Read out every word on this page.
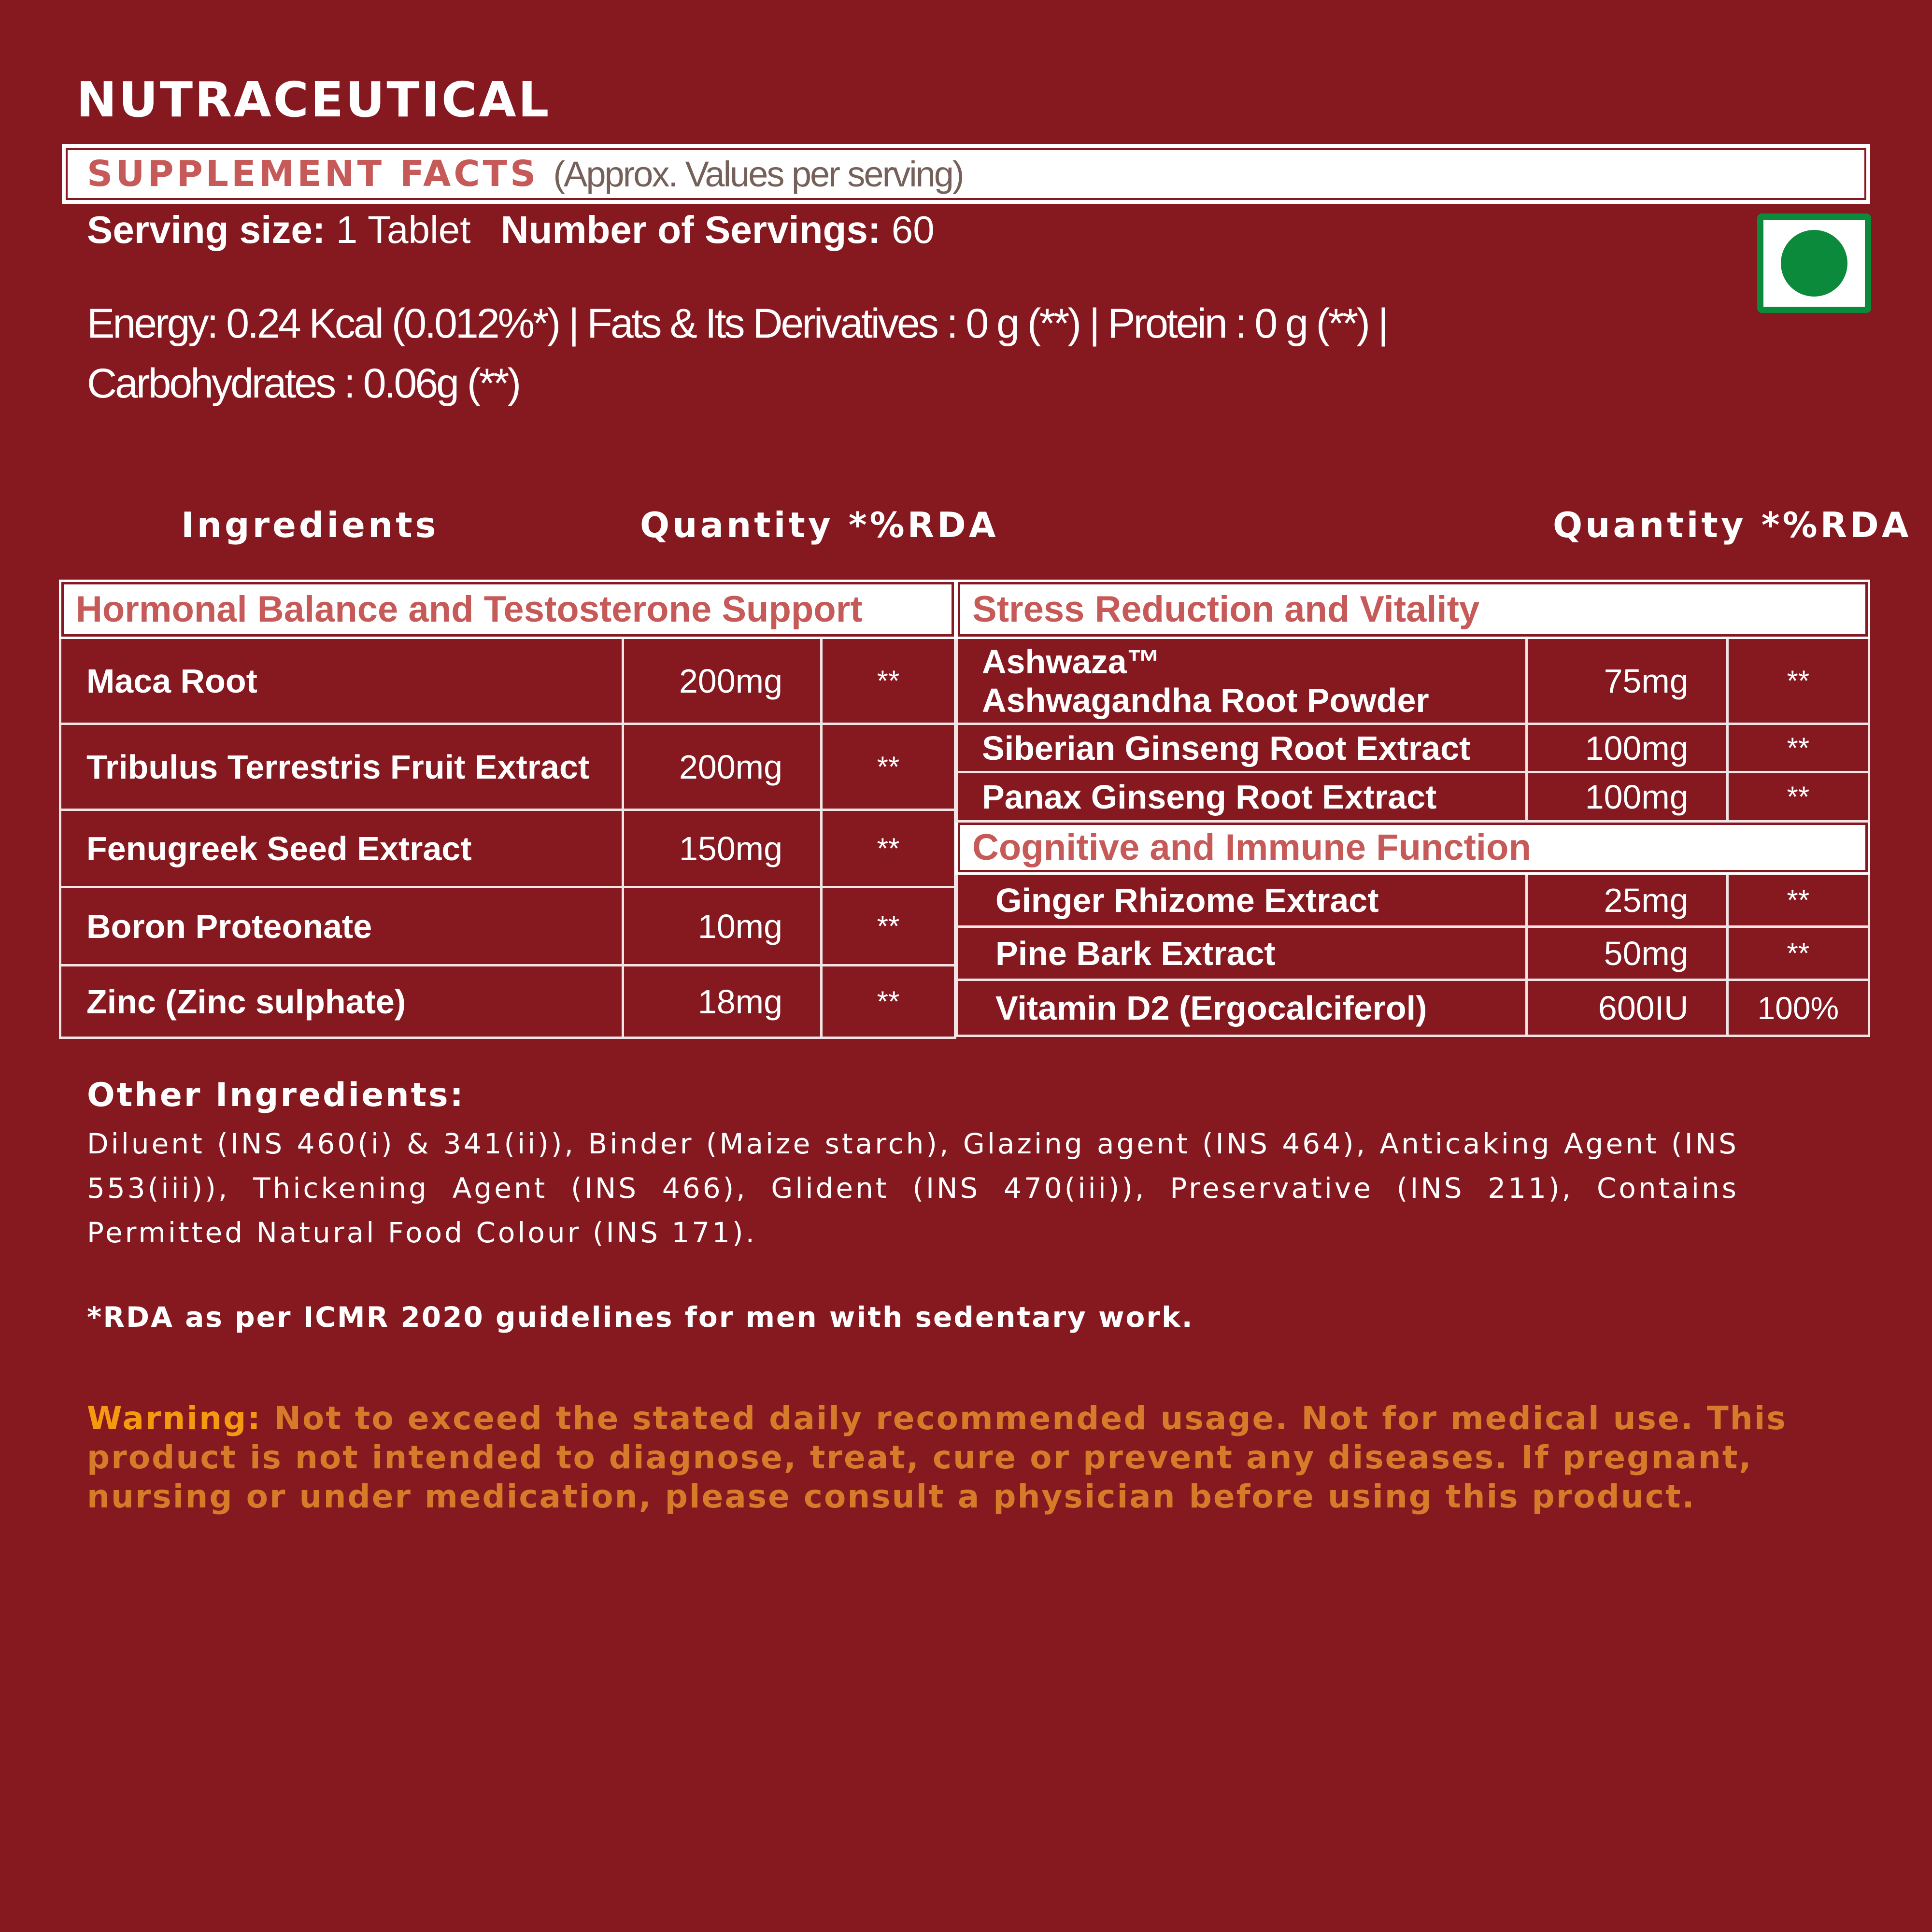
NUTRACEUTICAL
SUPPLEMENT FACTS (Approx. Values per serving)
Serving size: 1 Tablet Number of Servings: 60
Energy: 0.24 Kcal (0.012%*) | Fats & Its Derivatives : 0 g (**) | Protein : 0 g (**) |
Carbohydrates : 0.06g (**)
Ingredients	Quantity *%RDA	Quantity *%RDA
Hormonal Balance and Testosterone Support		
Maca Root	200mg	**
Tribulus Terrestris Fruit Extract	200mg	**
Fenugreek Seed Extract	150mg	**
Boron Proteonate	10mg	**
Zinc (Zinc sulphate)	18mg	**
Stress Reduction and Vitality		

Ashwaza™
Ashwagandha Root Powder	75mg	**
Siberian Ginseng Root Extract	100mg	**
Panax Ginseng Root Extract	100mg	**
Cognitive and Immune Function		
Ginger Rhizome Extract	25mg	**
Pine Bark Extract	50mg	**
Vitamin D2 (Ergocalciferol)	600IU	100%
Other Ingredients:
Diluent (INS 460(i) & 341(ii)), Binder (Maize starch), Glazing agent (INS 464), Anticaking Agent (INS 553(iii)), Thickening Agent (INS 466), Glident (INS 470(iii)), Preservative (INS 211), Contains Permitted Natural Food Colour (INS 171).
*RDA as per ICMR 2020 guidelines for men with sedentary work.
Warning: Not to exceed the stated daily recommended usage. Not for medical use. This product is not intended to diagnose, treat, cure or prevent any diseases. If pregnant, nursing or under medication, please consult a physician before using this product.
